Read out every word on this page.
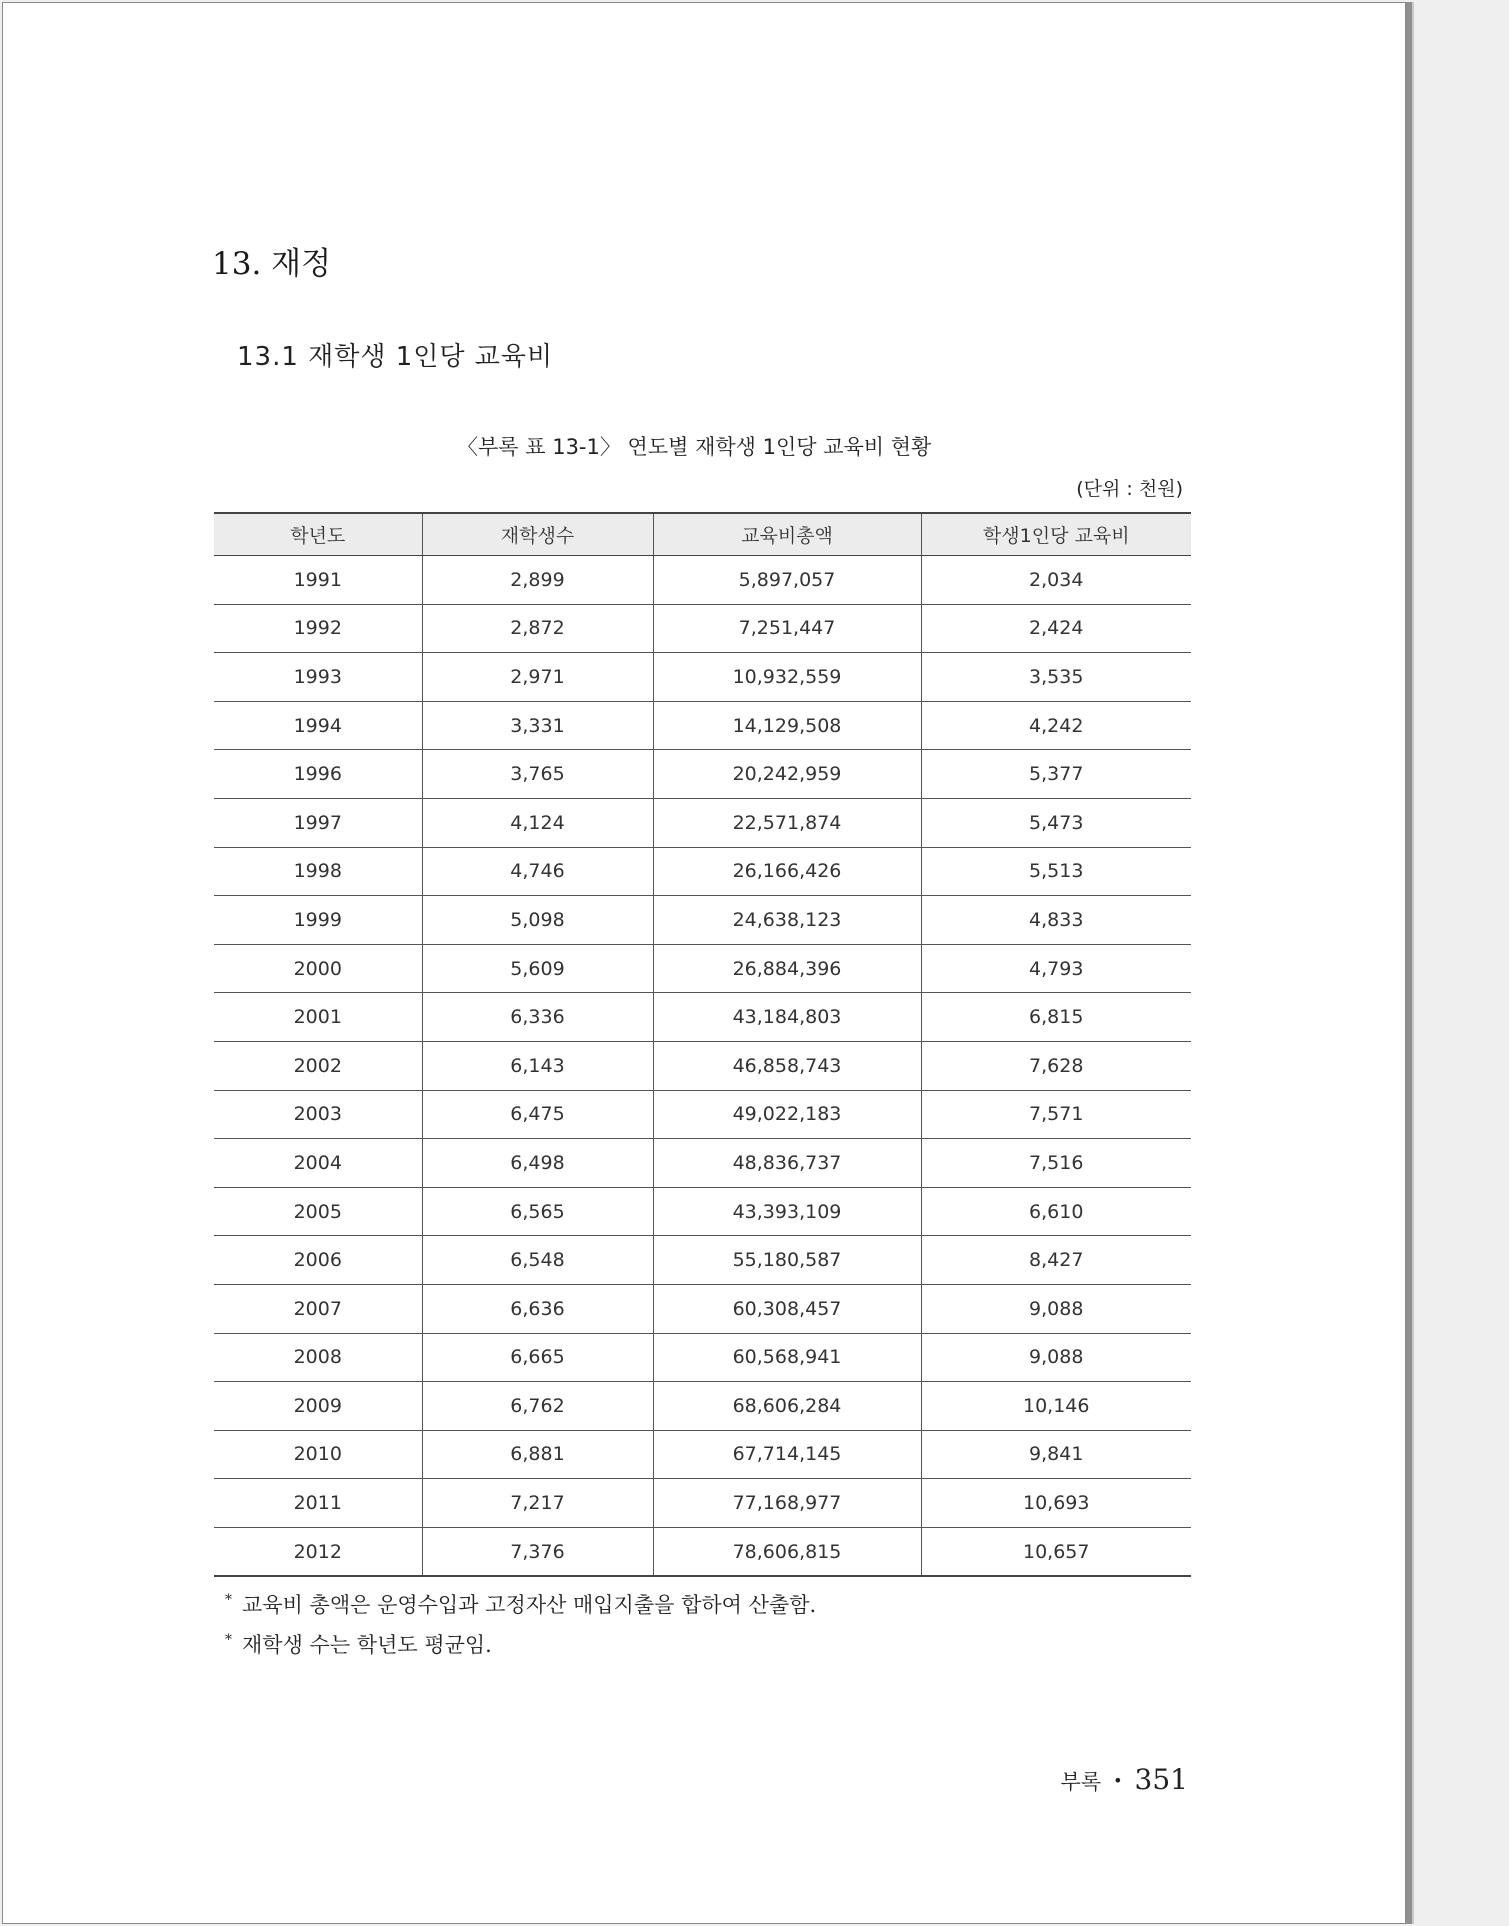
13. 재정
13.1 재학생 1인당 교육비
〈부록 표 13-1〉 연도별 재학생 1인당 교육비 현황
(단위 : 천원)
학년도	재학생수	교육비총액	학생1인당 교육비
1991	2,899	5,897,057	2,034
1992	2,872	7,251,447	2,424
1993	2,971	10,932,559	3,535
1994	3,331	14,129,508	4,242
1996	3,765	20,242,959	5,377
1997	4,124	22,571,874	5,473
1998	4,746	26,166,426	5,513
1999	5,098	24,638,123	4,833
2000	5,609	26,884,396	4,793
2001	6,336	43,184,803	6,815
2002	6,143	46,858,743	7,628
2003	6,475	49,022,183	7,571
2004	6,498	48,836,737	7,516
2005	6,565	43,393,109	6,610
2006	6,548	55,180,587	8,427
2007	6,636	60,308,457	9,088
2008	6,665	60,568,941	9,088
2009	6,762	68,606,284	10,146
2010	6,881	67,714,145	9,841
2011	7,217	77,168,977	10,693
2012	7,376	78,606,815	10,657
* 교육비 총액은 운영수입과 고정자산 매입지출을 합하여 산출함.
* 재학생 수는 학년도 평균임.
부록 • 351
